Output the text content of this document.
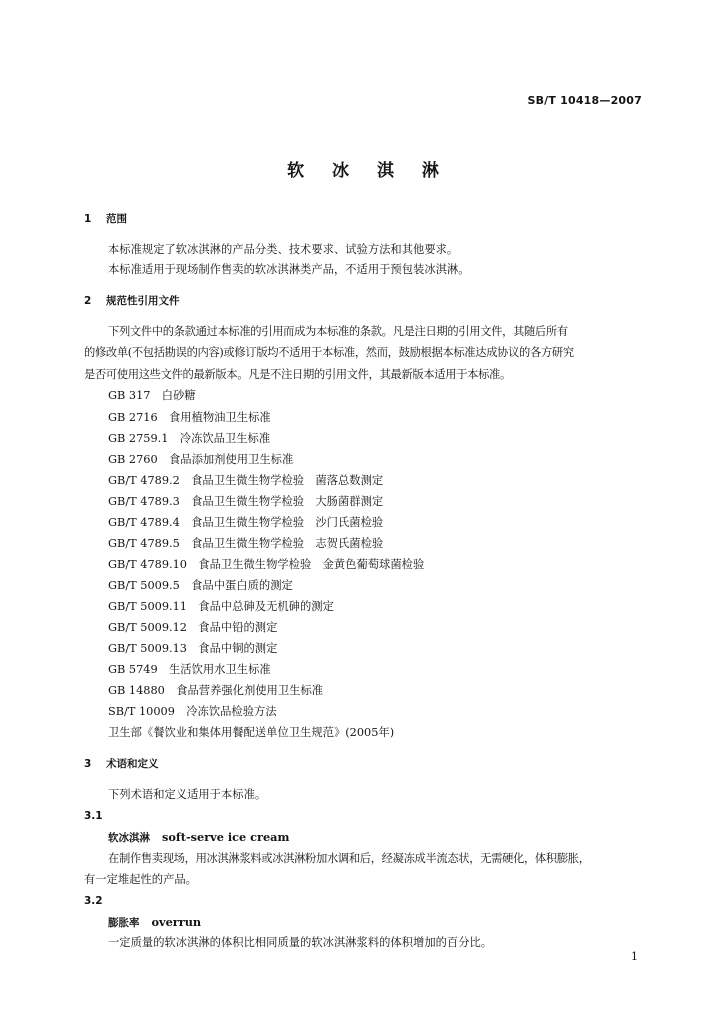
SB/T 10418—2007
软 冰 淇 淋
1 范围
本标准规定了软冰淇淋的产品分类、技术要求、试验方法和其他要求。
本标准适用于现场制作售卖的软冰淇淋类产品，不适用于预包装冰淇淋。
2 规范性引用文件
下列文件中的条款通过本标准的引用而成为本标准的条款。凡是注日期的引用文件，其随后所有
的修改单(不包括勘误的内容)或修订版均不适用于本标准，然而，鼓励根据本标准达成协议的各方研究
是否可使用这些文件的最新版本。凡是不注日期的引用文件，其最新版本适用于本标准。
GB 317　 白砂糖
GB 2716　 食用植物油卫生标准
GB 2759.1　 冷冻饮品卫生标准
GB 2760　 食品添加剂使用卫生标准
GB/T 4789.2　 食品卫生微生物学检验　菌落总数测定
GB/T 4789.3　 食品卫生微生物学检验　大肠菌群测定
GB/T 4789.4　 食品卫生微生物学检验　沙门氏菌检验
GB/T 4789.5　 食品卫生微生物学检验　志贺氏菌检验
GB/T 4789.10　 食品卫生微生物学检验　金黄色葡萄球菌检验
GB/T 5009.5　 食品中蛋白质的测定
GB/T 5009.11　 食品中总砷及无机砷的测定
GB/T 5009.12　 食品中铅的测定
GB/T 5009.13　 食品中铜的测定
GB 5749　 生活饮用水卫生标准
GB 14880　 食品营养强化剂使用卫生标准
SB/T 10009　 冷冻饮品检验方法
卫生部《餐饮业和集体用餐配送单位卫生规范》(2005年)
3 术语和定义
下列术语和定义适用于本标准。
3.1
软冰淇淋 soft-serve ice cream
在制作售卖现场，用冰淇淋浆料或冰淇淋粉加水调和后，经凝冻成半流态状，无需硬化，体积膨胀，
有一定堆起性的产品。
3.2
膨胀率 overrun
一定质量的软冰淇淋的体积比相同质量的软冰淇淋浆料的体积增加的百分比。
1
